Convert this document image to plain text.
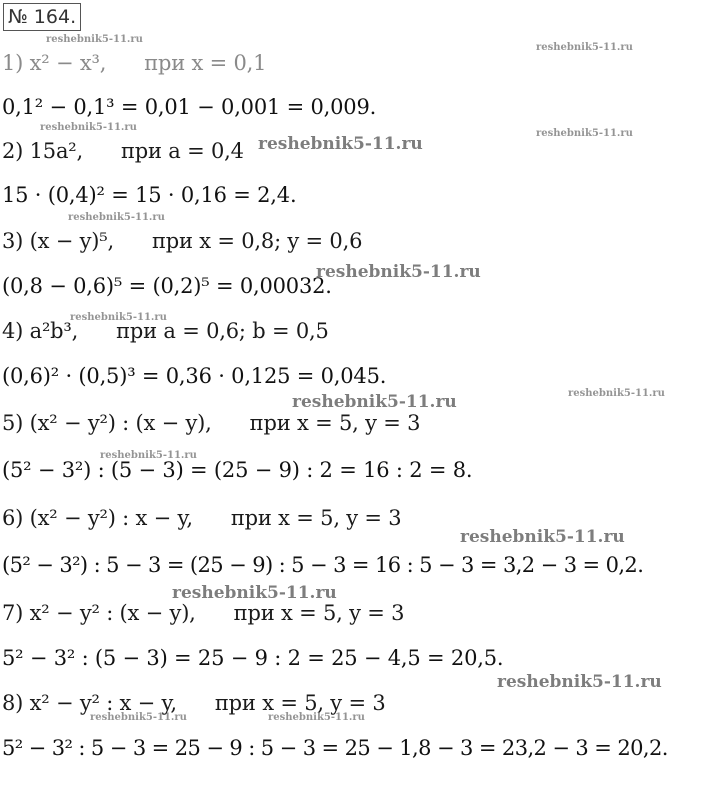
№ 164.
1) x² − x³, при x = 0,1
0,1² − 0,1³ = 0,01 − 0,001 = 0,009.
2) 15a², при a = 0,4
15 · (0,4)² = 15 · 0,16 = 2,4.
3) (x − y)⁵, при x = 0,8; y = 0,6
(0,8 − 0,6)⁵ = (0,2)⁵ = 0,00032.
4) a²b³, при a = 0,6; b = 0,5
(0,6)² · (0,5)³ = 0,36 · 0,125 = 0,045.
5) (x² − y²) : (x − y), при x = 5, y = 3
(5² − 3²) : (5 − 3) = (25 − 9) : 2 = 16 : 2 = 8.
6) (x² − y²) : x − y, при x = 5, y = 3
(5² − 3²) : 5 − 3 = (25 − 9) : 5 − 3 = 16 : 5 − 3 = 3,2 − 3 = 0,2.
7) x² − y² : (x − y), при x = 5, y = 3
5² − 3² : (5 − 3) = 25 − 9 : 2 = 25 − 4,5 = 20,5.
8) x² − y² : x − y, при x = 5, y = 3
5² − 3² : 5 − 3 = 25 − 9 : 5 − 3 = 25 − 1,8 − 3 = 23,2 − 3 = 20,2.
reshebnik5-11.ru
reshebnik5-11.ru
reshebnik5-11.ru
reshebnik5-11.ru
reshebnik5-11.ru
reshebnik5-11.ru
reshebnik5-11.ru
reshebnik5-11.ru
reshebnik5-11.ru
reshebnik5-11.ru
reshebnik5-11.ru
reshebnik5-11.ru
reshebnik5-11.ru
reshebnik5-11.ru
reshebnik5-11.ru	reshebnik5-11.ru
